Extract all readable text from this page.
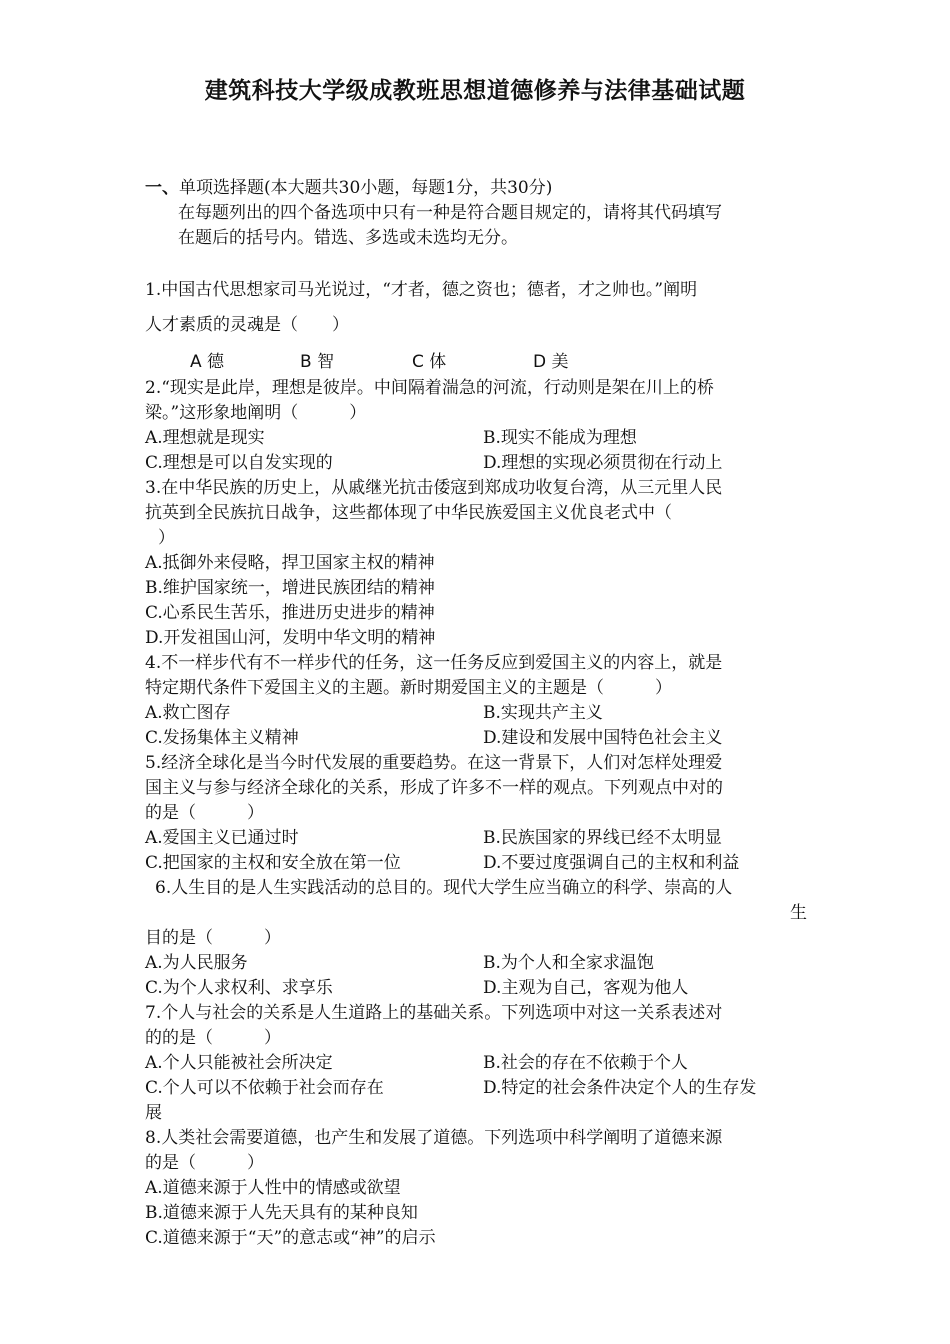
建筑科技大学级成教班思想道德修养与法律基础试题
一、单项选择题(本大题共30小题，每题1分，共30分)
在每题列出的四个备选项中只有一种是符合题目规定的，请将其代码填写
在题后的括号内。错选、多选或未选均无分。
1.中国古代思想家司马光说过，“才者，德之资也；德者，才之帅也。”阐明
人才素质的灵魂是（　　）
A 德	B 智	C 体	D 美
2.“现实是此岸，理想是彼岸。中间隔着湍急的河流，行动则是架在川上的桥
梁。”这形象地阐明（　　　）
A.理想就是现实	B.现实不能成为理想
C.理想是可以自发实现的	D.理想的实现必须贯彻在行动上
3.在中华民族的历史上，从戚继光抗击倭寇到郑成功收复台湾，从三元里人民
抗英到全民族抗日战争，这些都体现了中华民族爱国主义优良老式中（
）
A.抵御外来侵略，捍卫国家主权的精神
B.维护国家统一，增进民族团结的精神
C.心系民生苦乐，推进历史进步的精神
D.开发祖国山河，发明中华文明的精神
4.不一样步代有不一样步代的任务，这一任务反应到爱国主义的内容上，就是
特定期代条件下爱国主义的主题。新时期爱国主义的主题是（　　　）
A.救亡图存	B.实现共产主义
C.发扬集体主义精神	D.建设和发展中国特色社会主义
5.经济全球化是当今时代发展的重要趋势。在这一背景下，人们对怎样处理爱
国主义与参与经济全球化的关系，形成了许多不一样的观点。下列观点中对的
的是（　　　）
A.爱国主义已通过时	B.民族国家的界线已经不太明显
C.把国家的主权和安全放在第一位	D.不要过度强调自己的主权和利益
6.人生目的是人生实践活动的总目的。现代大学生应当确立的科学、崇高的人
生
目的是（　　　）
A.为人民服务	B.为个人和全家求温饱
C.为个人求权利、求享乐	D.主观为自己，客观为他人
7.个人与社会的关系是人生道路上的基础关系。下列选项中对这一关系表述对
的的是（　　　）
A.个人只能被社会所决定	B.社会的存在不依赖于个人
C.个人可以不依赖于社会而存在	D.特定的社会条件决定个人的生存发
展
8.人类社会需要道德，也产生和发展了道德。下列选项中科学阐明了道德来源
的是（　　　）
A.道德来源于人性中的情感或欲望
B.道德来源于人先天具有的某种良知
C.道德来源于“天”的意志或“神”的启示
